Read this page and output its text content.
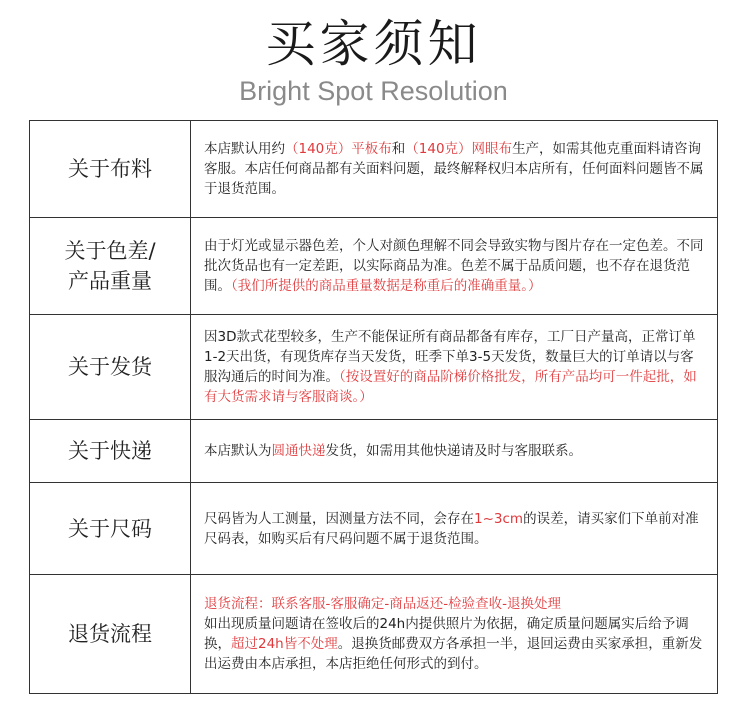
买家须知
Bright Spot Resolution
关于布料	本店默认用约（140克）平板布和（140克）网眼布生产，如需其他克重面料请咨询客服。本店任何商品都有关面料问题，最终解释权归本店所有，任何面料问题皆不属于退货范围。
关于色差/产品重量	由于灯光或显示器色差，个人对颜色理解不同会导致实物与图片存在一定色差。不同批次货品也有一定差距，以实际商品为准。色差不属于品质问题，也不存在退货范围。（我们所提供的商品重量数据是称重后的准确重量。）
关于发货	因3D款式花型较多，生产不能保证所有商品都备有库存，工厂日产量高，正常订单1-2天出货，有现货库存当天发货，旺季下单3-5天发货，数量巨大的订单请以与客服沟通后的时间为准。（按设置好的商品阶梯价格批发，所有产品均可一件起批，如有大货需求请与客服商谈。）
关于快递	本店默认为圆通快递发货，如需用其他快递请及时与客服联系。
关于尺码	尺码皆为人工测量，因测量方法不同，会存在1~3cm的误差，请买家们下单前对准尺码表，如购买后有尺码问题不属于退货范围。
退货流程	退货流程：联系客服-客服确定-商品返还-检验查收-退换处理
如出现质量问题请在签收后的24h内提供照片为依据，确定质量问题属实后给予调换，超过24h皆不处理。退换货邮费双方各承担一半，退回运费由买家承担，重新发出运费由本店承担，本店拒绝任何形式的到付。
